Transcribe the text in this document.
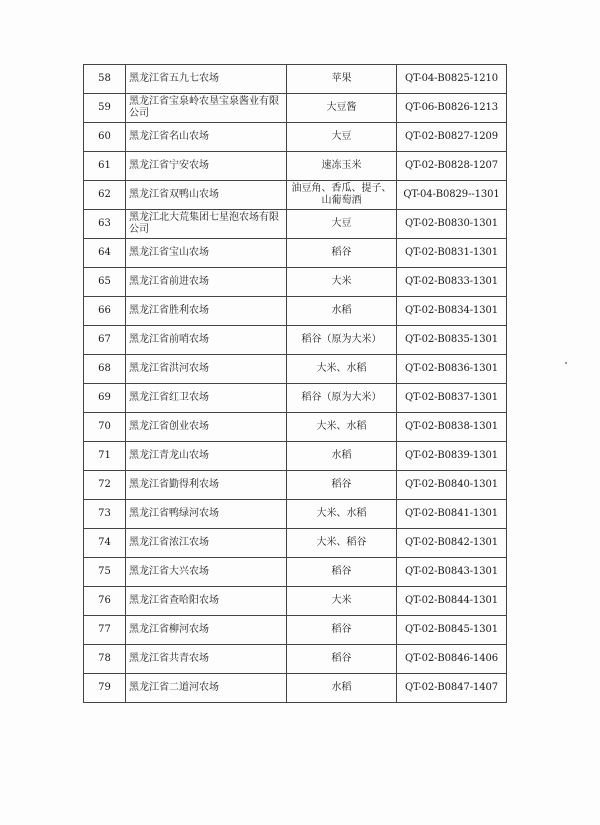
58	黑龙江省五九七农场	苹果	QT-04-B0825-1210
59	黑龙江省宝泉岭农垦宝泉酱业有限公司	大豆酱	QT-06-B0826-1213
60	黑龙江省名山农场	大豆	QT-02-B0827-1209
61	黑龙江省宁安农场	速冻玉米	QT-02-B0828-1207
62	黑龙江省双鸭山农场	油豆角、香瓜、提子、山葡萄酒	QT-04-B0829--1301
63	黑龙江北大荒集团七星泡农场有限公司	大豆	QT-02-B0830-1301
64	黑龙江省宝山农场	稻谷	QT-02-B0831-1301
65	黑龙江省前进农场	大米	QT-02-B0833-1301
66	黑龙江省胜利农场	水稻	QT-02-B0834-1301
67	黑龙江省前哨农场	稻谷（原为大米）	QT-02-B0835-1301
68	黑龙江省洪河农场	大米、水稻	QT-02-B0836-1301
69	黑龙江省红卫农场	稻谷（原为大米）	QT-02-B0837-1301
70	黑龙江省创业农场	大米、水稻	QT-02-B0838-1301
71	黑龙江青龙山农场	水稻	QT-02-B0839-1301
72	黑龙江省勤得利农场	稻谷	QT-02-B0840-1301
73	黑龙江省鸭绿河农场	大米、水稻	QT-02-B0841-1301
74	黑龙江省浓江农场	大米、稻谷	QT-02-B0842-1301
75	黑龙江省大兴农场	稻谷	QT-02-B0843-1301
76	黑龙江省查哈阳农场	大米	QT-02-B0844-1301
77	黑龙江省柳河农场	稻谷	QT-02-B0845-1301
78	黑龙江省共青农场	稻谷	QT-02-B0846-1406
79	黑龙江省二道河农场	水稻	QT-02-B0847-1407
